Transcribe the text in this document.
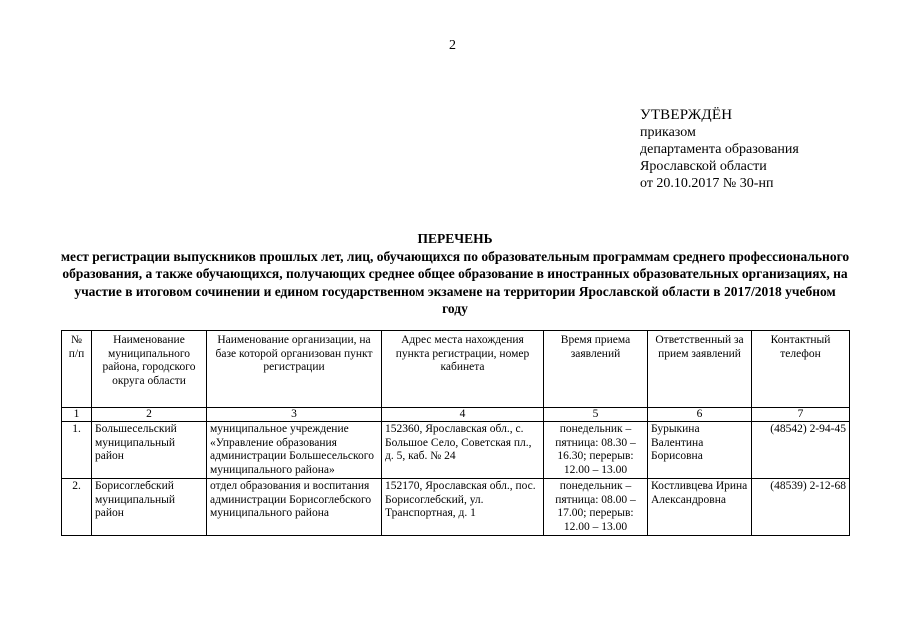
2
УТВЕРЖДЁН
приказом
департамента образования
Ярославской области
от 20.10.2017 № 30-нп
ПЕРЕЧЕНЬ
мест регистрации выпускников прошлых лет, лиц, обучающихся по образовательным программам среднего профессионального образования, а также обучающихся, получающих среднее общее образование в иностранных образовательных организациях, на участие в итоговом сочинении и едином государственном экзамене на территории Ярославской области в 2017/2018 учебном году
№ п/п	Наименование муниципального района, городского округа области	Наименование организации, на базе которой организован пункт регистрации	Адрес места нахождения пункта регистрации, номер кабинета	Время приема заявлений	Ответственный за прием заявлений	Контактный телефон
1	2	3	4	5	6	7
1.	Большесельский муниципальный район	муниципальное учреждение «Управление образования администрации Большесельского муниципального района»	152360, Ярославская обл., с. Большое Село, Советская пл., д. 5, каб. № 24	понедельник – пятница: 08.30 – 16.30; перерыв: 12.00 – 13.00	Бурыкина Валентина Борисовна	(48542) 2-94-45
2.	Борисоглебский муниципальный район	отдел образования и воспитания администрации Борисоглебского муниципального района	152170, Ярославская обл., пос. Борисоглебский, ул. Транспортная, д. 1	понедельник – пятница: 08.00 – 17.00; перерыв: 12.00 – 13.00	Костливцева Ирина Александровна	(48539) 2-12-68
